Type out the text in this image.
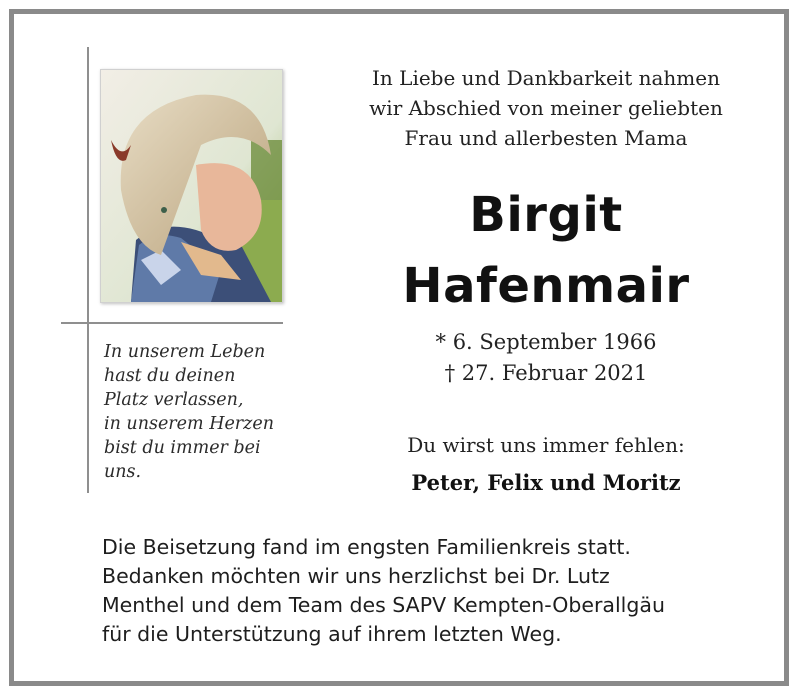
In unserem Leben
hast du deinen
Platz verlassen,
in unserem Herzen
bist du immer bei
uns.
In Liebe und Dankbarkeit nahmen
wir Abschied von meiner geliebten
Frau und allerbesten Mama
Birgit
Hafenmair
* 6. September 1966
† 27. Februar 2021
Du wirst uns immer fehlen:
Peter, Felix und Moritz
Die Beisetzung fand im engsten Familienkreis statt.
Bedanken möchten wir uns herzlichst bei Dr. Lutz
Menthel und dem Team des SAPV Kempten-Oberallgäu
für die Unterstützung auf ihrem letzten Weg.
